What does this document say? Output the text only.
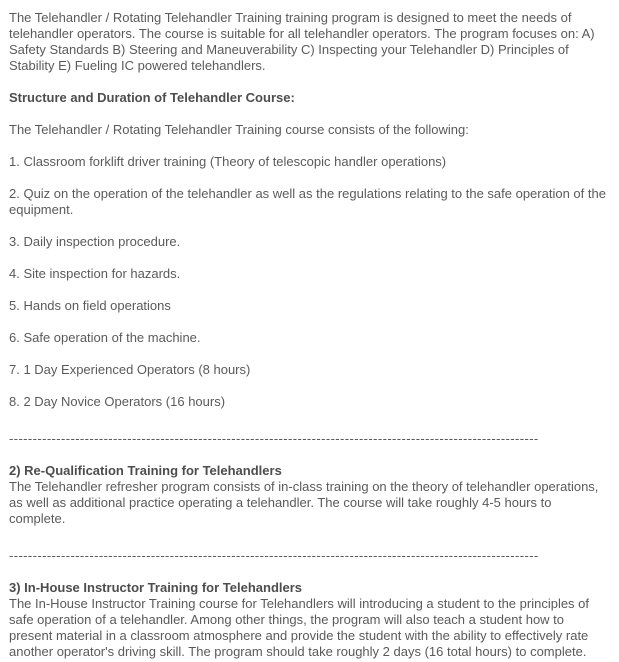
The Telehandler / Rotating Telehandler Training training program is designed to meet the needs of telehandler operators. The course is suitable for all telehandler operators. The program focuses on: A) Safety Standards B) Steering and Maneuverability C) Inspecting your Telehandler D) Principles of Stability E) Fueling IC powered telehandlers.

Structure and Duration of Telehandler Course:

The Telehandler / Rotating Telehandler Training course consists of the following:

1. Classroom forklift driver training (Theory of telescopic handler operations)

2. Quiz on the operation of the telehandler as well as the regulations relating to the safe operation of the equipment.

3. Daily inspection procedure.

4. Site inspection for hazards.

5. Hands on field operations

6. Safe operation of the machine.

7. 1 Day Experienced Operators (8 hours)

8. 2 Day Novice Operators (16 hours)

----------------------------------------------------------------------------------------------------------------

2) Re-Qualification Training for Telehandlers

The Telehandler refresher program consists of in-class training on the theory of telehandler operations, as well as additional practice operating a telehandler. The course will take roughly 4-5 hours to complete.

----------------------------------------------------------------------------------------------------------------

3) In-House Instructor Training for Telehandlers

The In-House Instructor Training course for Telehandlers will introducing a student to the principles of safe operation of a telehandler. Among other things, the program will also teach a student how to present material in a classroom atmosphere and provide the student with the ability to effectively rate another operator's driving skill. The program should take roughly 2 days (16 total hours) to complete.
